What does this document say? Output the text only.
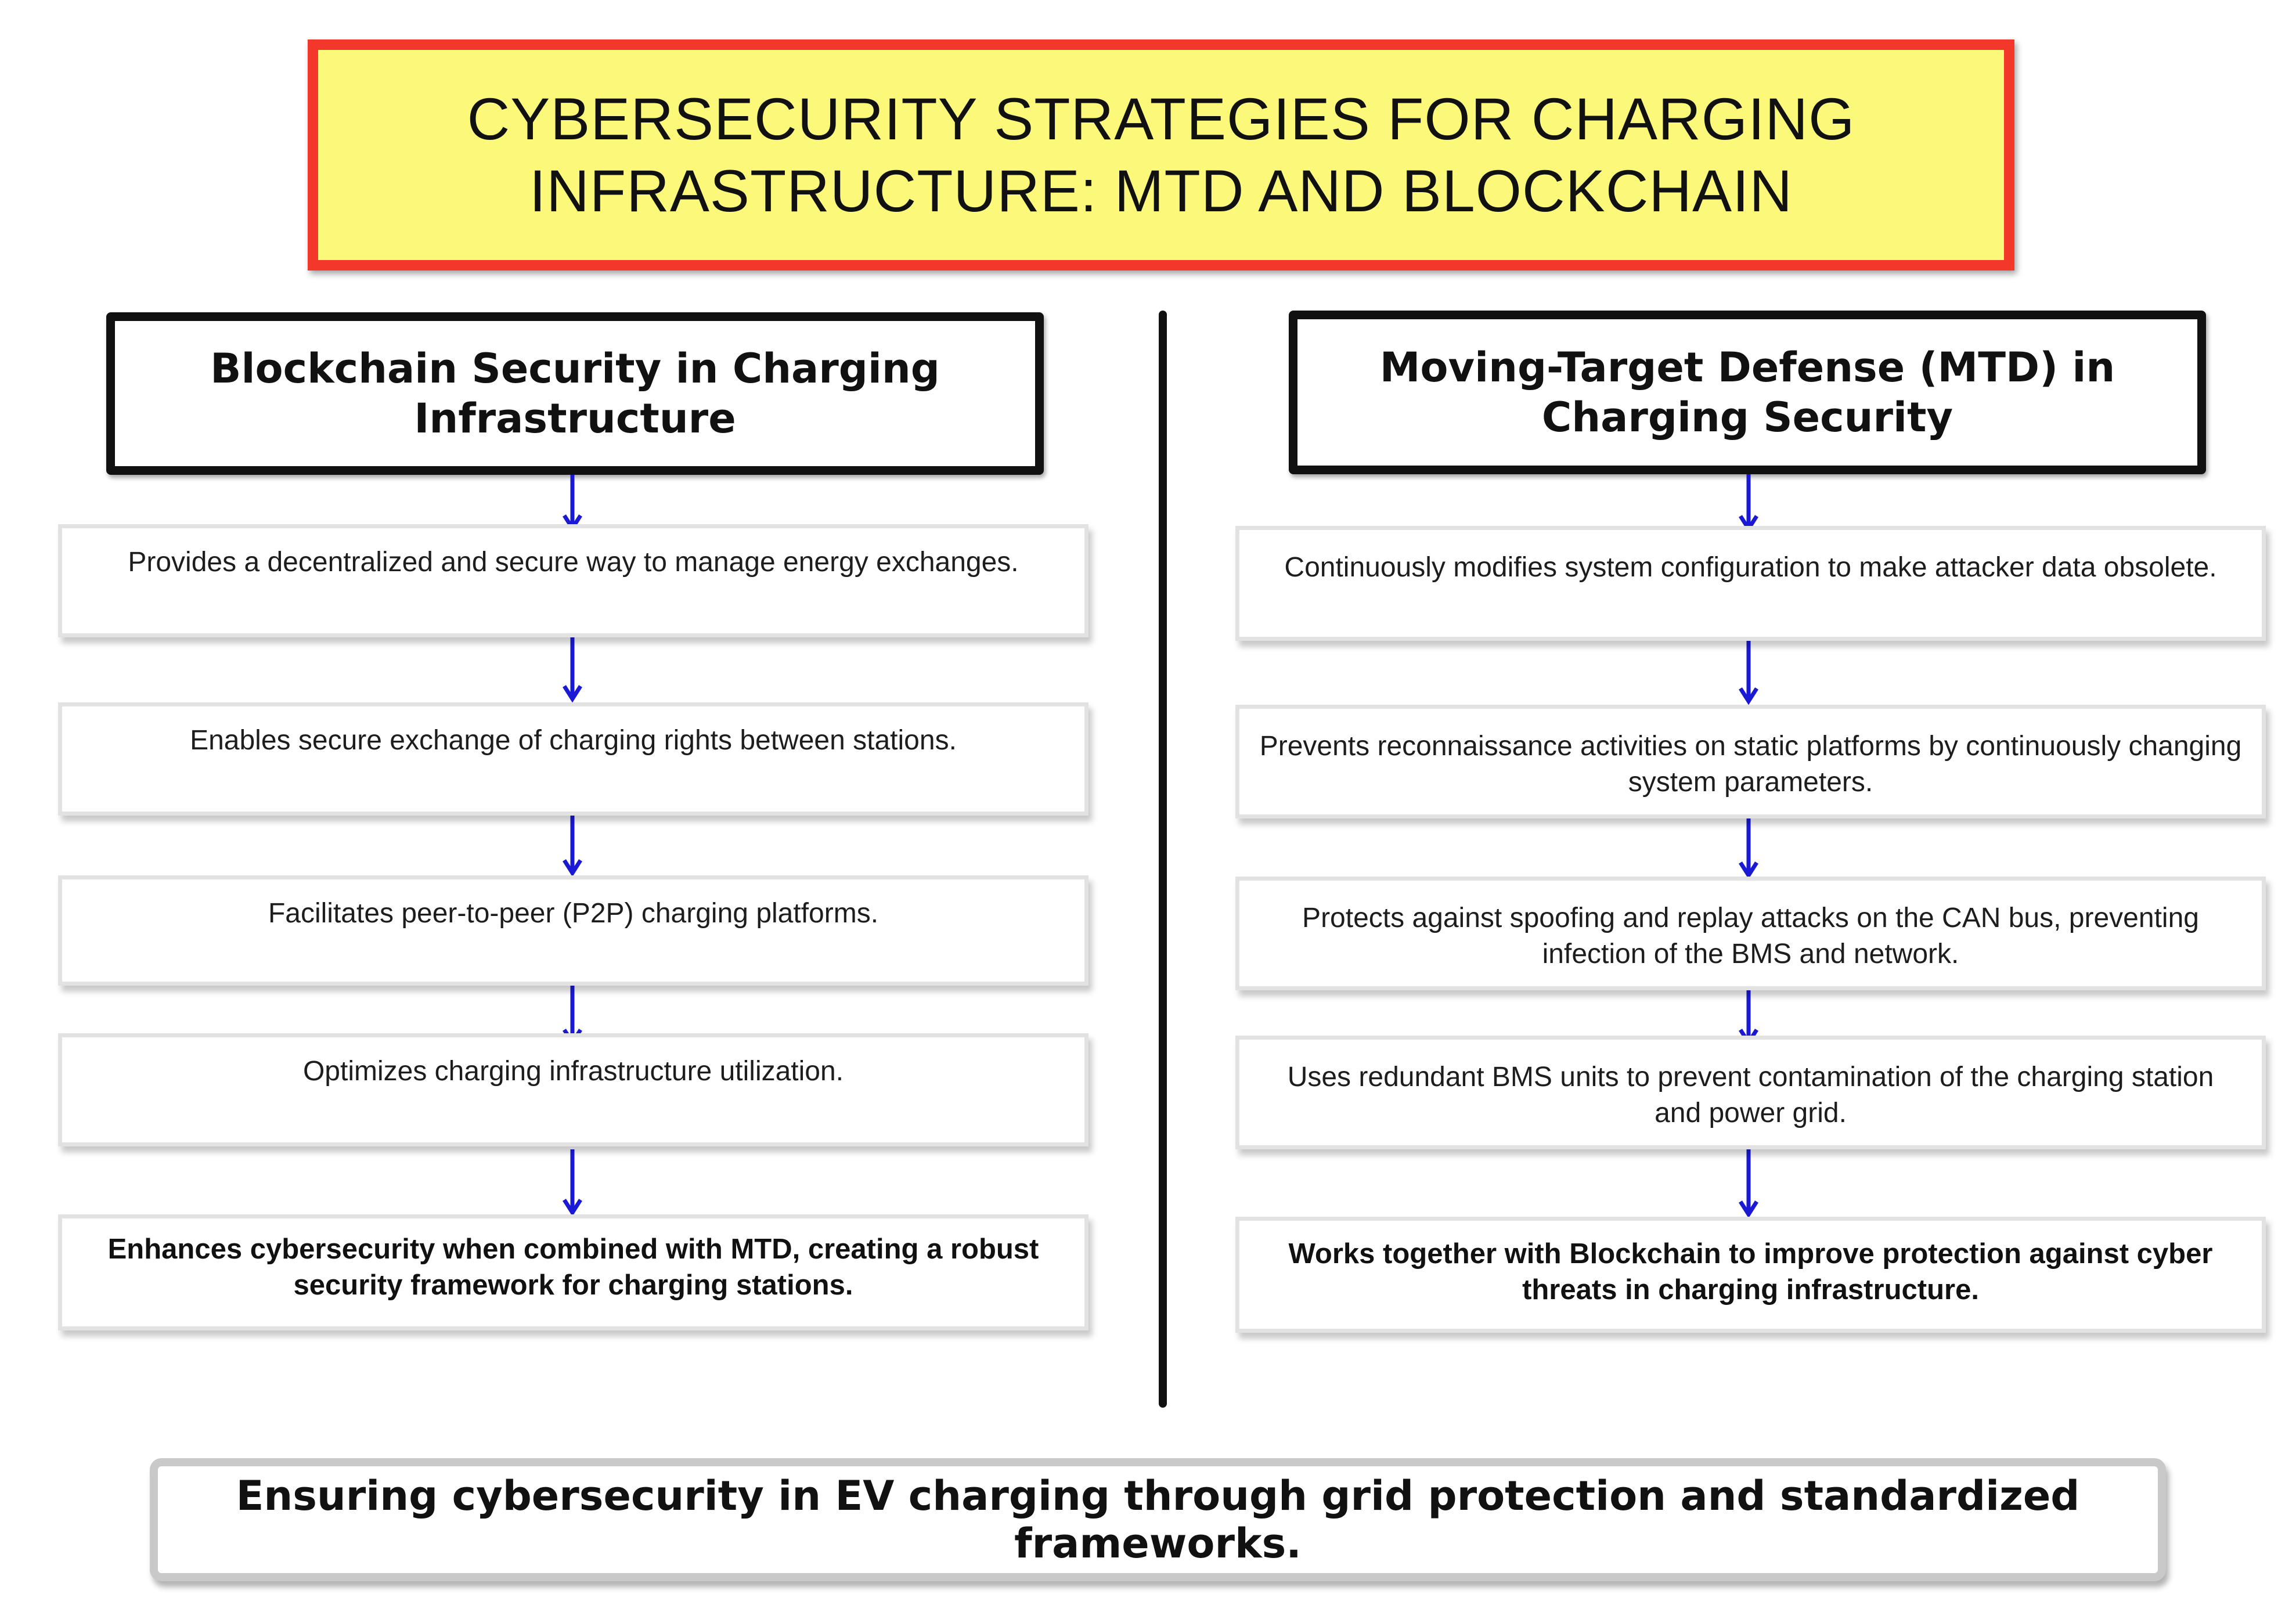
CYBERSECURITY STRATEGIES FOR CHARGING
INFRASTRUCTURE: MTD AND BLOCKCHAIN
Blockchain Security in Charging Infrastructure
Moving-Target Defense (MTD) in Charging Security
Provides a decentralized and secure way to manage energy exchanges.
Enables secure exchange of charging rights between stations.
Facilitates peer-to-peer (P2P) charging platforms.
Optimizes charging infrastructure utilization.
Enhances cybersecurity when combined with MTD, creating a robust security framework for charging stations.
Continuously modifies system configuration to make attacker data obsolete.
Prevents reconnaissance activities on static platforms by continuously changing system parameters.
Protects against spoofing and replay attacks on the CAN bus, preventing infection of the BMS and network.
Uses redundant BMS units to prevent contamination of the charging station and power grid.
Works together with Blockchain to improve protection against cyber threats in charging infrastructure.
Ensuring cybersecurity in EV charging through grid protection and standardized frameworks.
